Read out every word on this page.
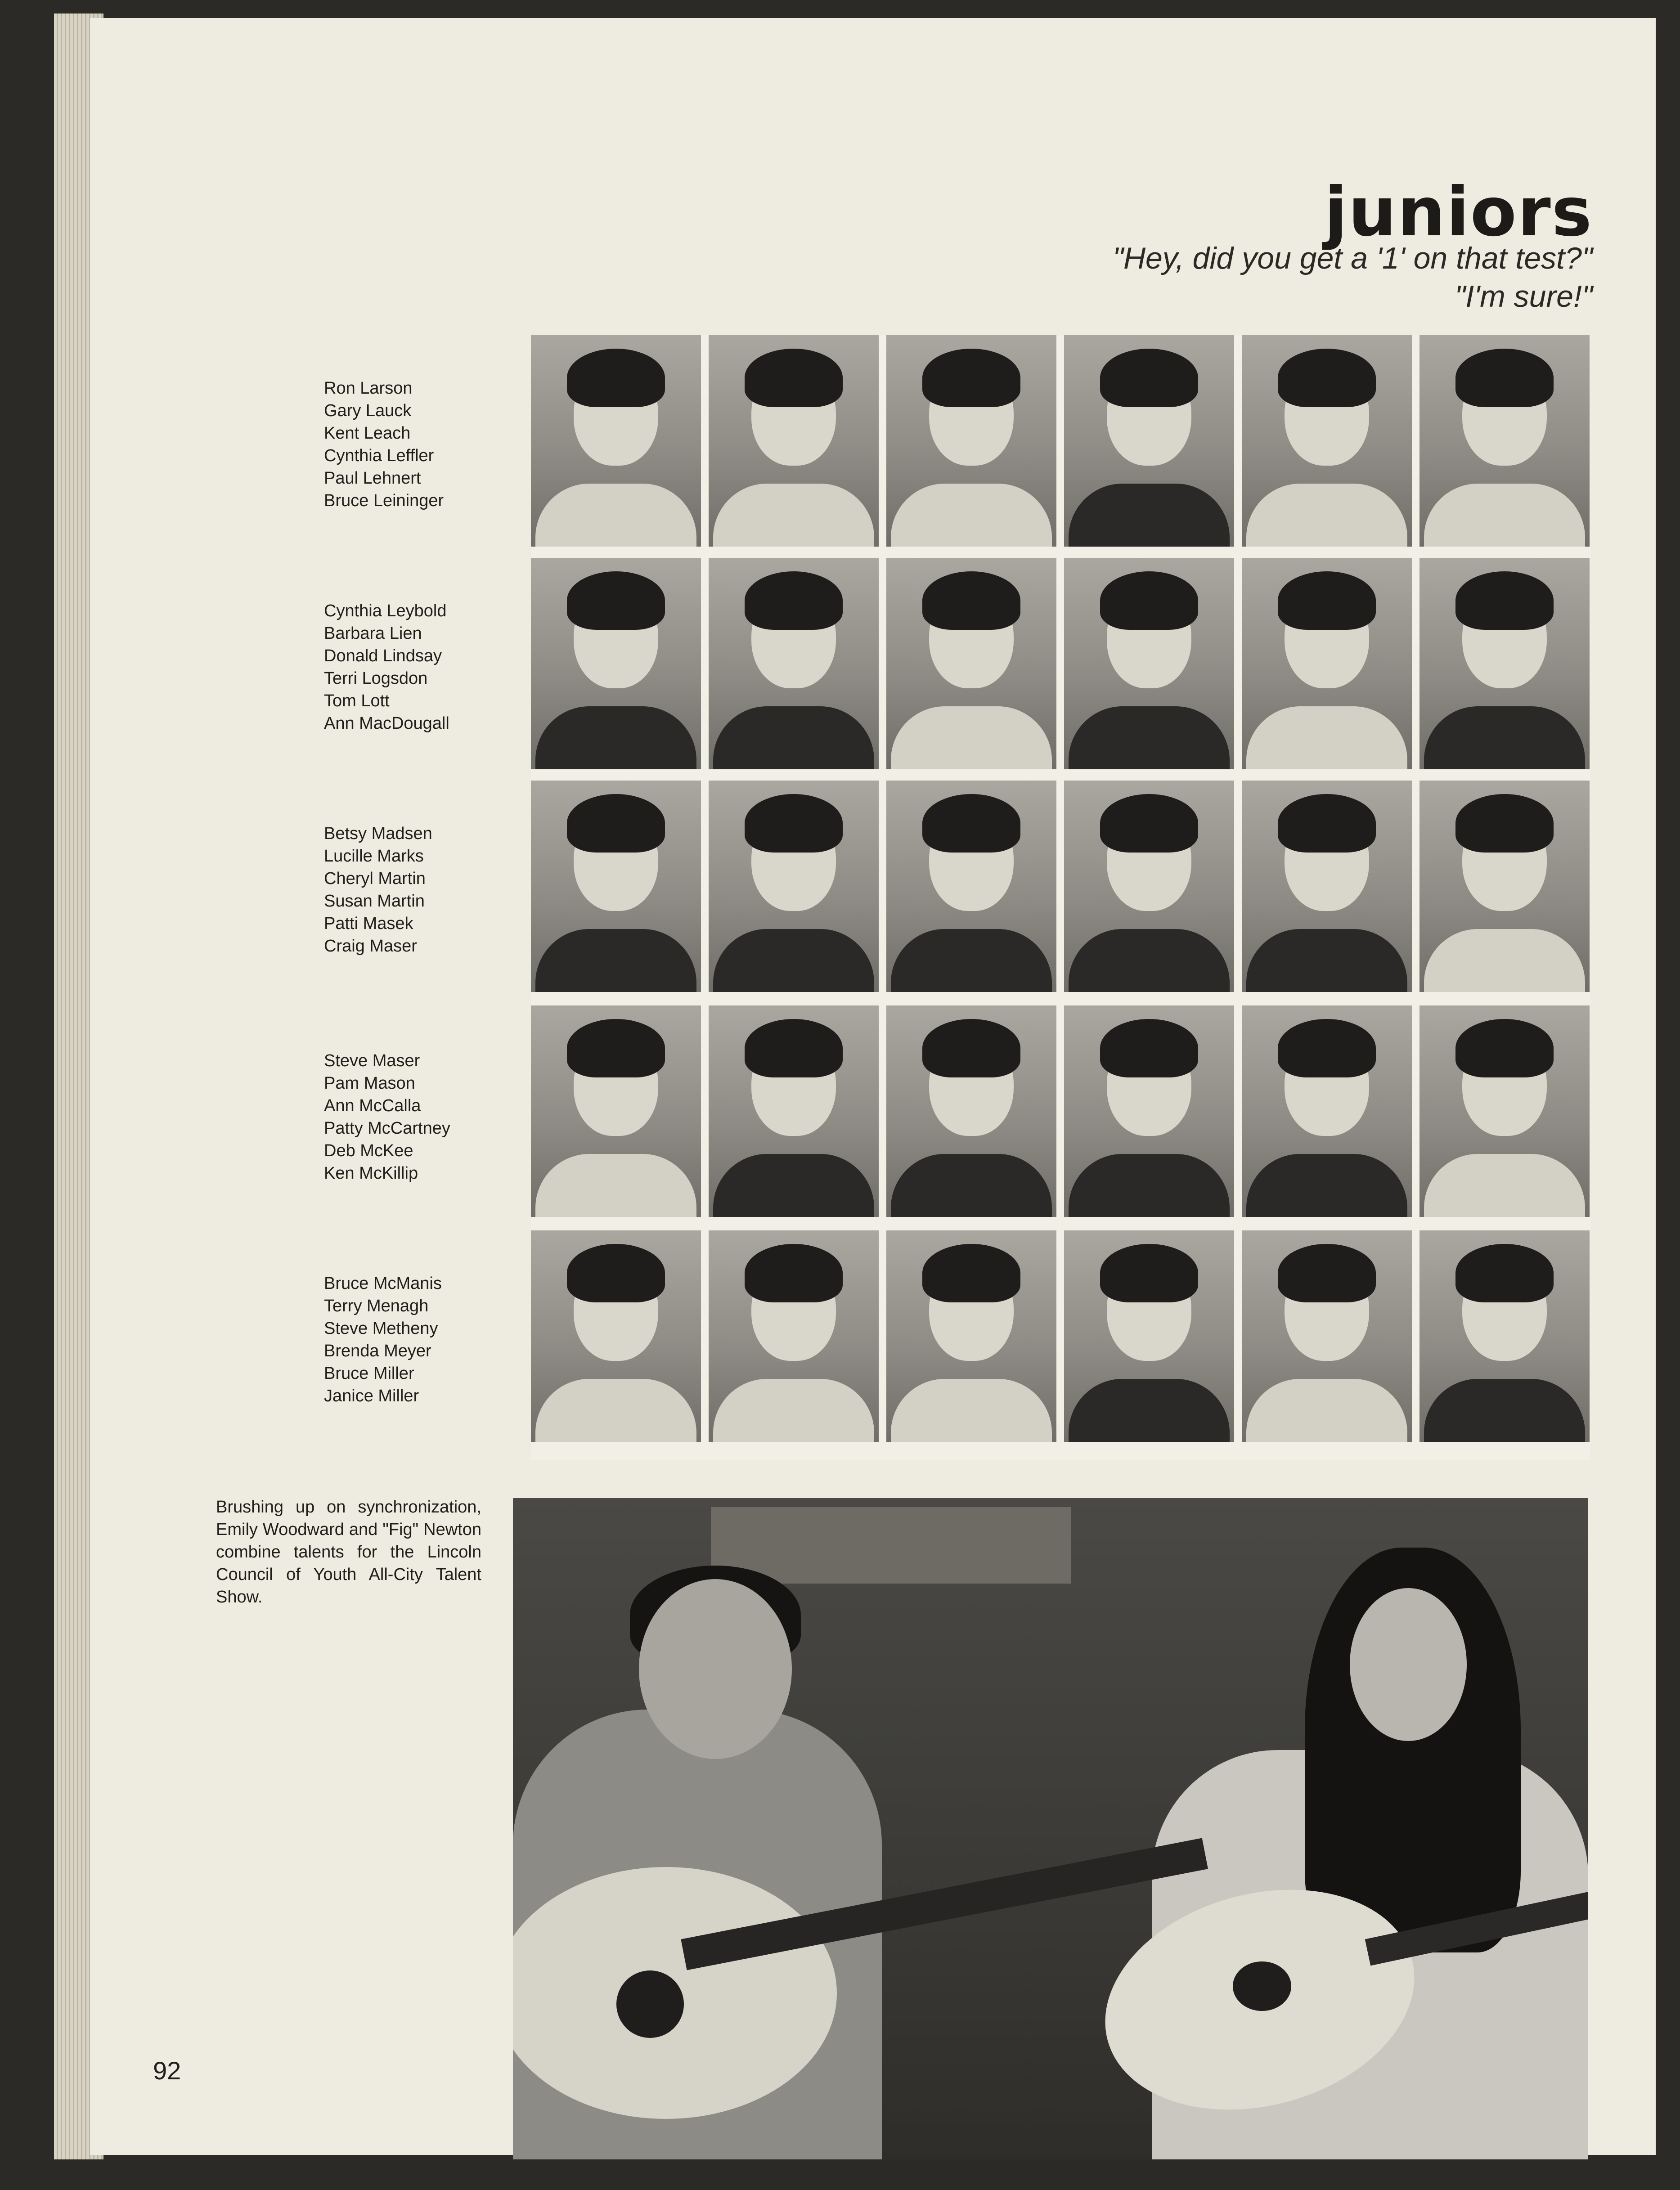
juniors
"Hey, did you get a '1' on that test?"
"I'm sure!"
Ron Larson
Gary Lauck
Kent Leach
Cynthia Leffler
Paul Lehnert
Bruce Leininger
Cynthia Leybold
Barbara Lien
Donald Lindsay
Terri Logsdon
Tom Lott
Ann MacDougall
Betsy Madsen
Lucille Marks
Cheryl Martin
Susan Martin
Patti Masek
Craig Maser
Steve Maser
Pam Mason
Ann McCalla
Patty McCartney
Deb McKee
Ken McKillip
Bruce McManis
Terry Menagh
Steve Metheny
Brenda Meyer
Bruce Miller
Janice Miller
Brushing up on synchronization, Emily Woodward and "Fig" Newton combine talents for the Lincoln Council of Youth All-City Talent Show.
92
